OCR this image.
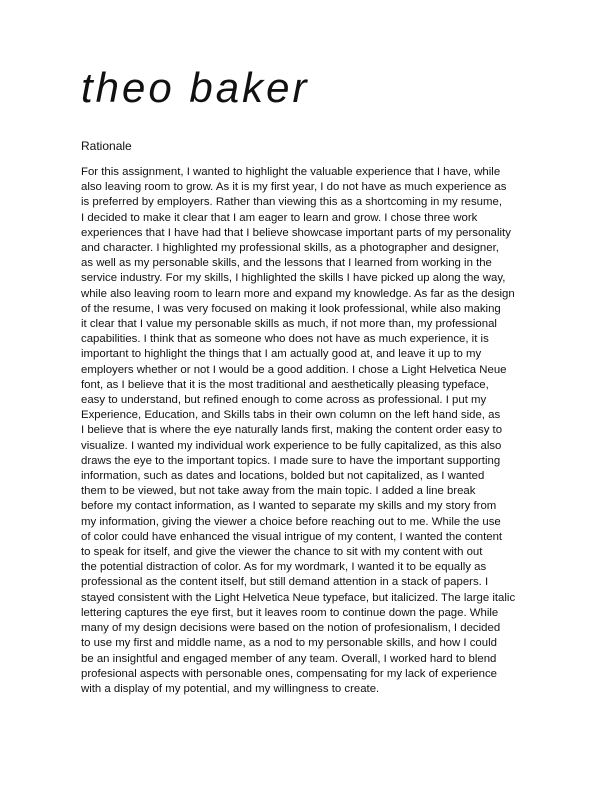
theo baker
Rationale
For this assignment, I wanted to highlight the valuable experience that I have, while
also leaving room to grow. As it is my first year, I do not have as much experience as
is preferred by employers. Rather than viewing this as a shortcoming in my resume,
I decided to make it clear that I am eager to learn and grow. I chose three work
experiences that I have had that I believe showcase important parts of my personality
and character. I highlighted my professional skills, as a photographer and designer,
as well as my personable skills, and the lessons that I learned from working in the
service industry. For my skills, I highlighted the skills I have picked up along the way,
while also leaving room to learn more and expand my knowledge. As far as the design
of the resume, I was very focused on making it look professional, while also making
it clear that I value my personable skills as much, if not more than, my professional
capabilities. I think that as someone who does not have as much experience, it is
important to highlight the things that I am actually good at, and leave it up to my
employers whether or not I would be a good addition. I chose a Light Helvetica Neue
font, as I believe that it is the most traditional and aesthetically pleasing typeface,
easy to understand, but refined enough to come across as professional. I put my
Experience, Education, and Skills tabs in their own column on the left hand side, as
I believe that is where the eye naturally lands first, making the content order easy to
visualize. I wanted my individual work experience to be fully capitalized, as this also
draws the eye to the important topics. I made sure to have the important supporting
information, such as dates and locations, bolded but not capitalized, as I wanted
them to be viewed, but not take away from the main topic. I added a line break
before my contact information, as I wanted to separate my skills and my story from
my information, giving the viewer a choice before reaching out to me. While the use
of color could have enhanced the visual intrigue of my content, I wanted the content
to speak for itself, and give the viewer the chance to sit with my content with out
the potential distraction of color. As for my wordmark, I wanted it to be equally as
professional as the content itself, but still demand attention in a stack of papers. I
stayed consistent with the Light Helvetica Neue typeface, but italicized. The large italic
lettering captures the eye first, but it leaves room to continue down the page. While
many of my design decisions were based on the notion of profesionalism, I decided
to use my first and middle name, as a nod to my personable skills, and how I could
be an insightful and engaged member of any team. Overall, I worked hard to blend
profesional aspects with personable ones, compensating for my lack of experience
with a display of my potential, and my willingness to create.
